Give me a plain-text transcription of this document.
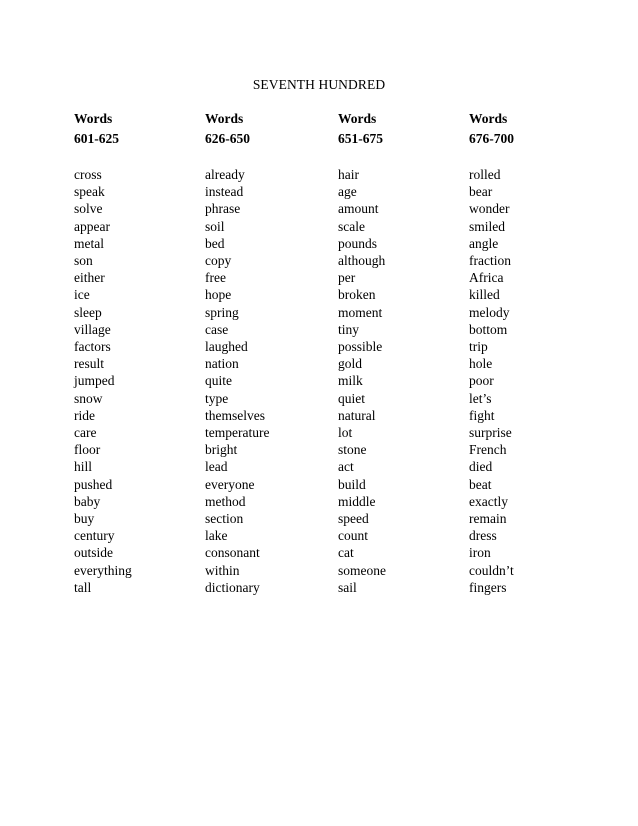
SEVENTH HUNDRED
Words
601-625
cross
speak
solve
appear
metal
son
either
ice
sleep
village
factors
result
jumped
snow
ride
care
floor
hill
pushed
baby
buy
century
outside
everything
tall
Words
626-650
already
instead
phrase
soil
bed
copy
free
hope
spring
case
laughed
nation
quite
type
themselves
temperature
bright
lead
everyone
method
section
lake
consonant
within
dictionary
Words
651-675
hair
age
amount
scale
pounds
although
per
broken
moment
tiny
possible
gold
milk
quiet
natural
lot
stone
act
build
middle
speed
count
cat
someone
sail
Words
676-700
rolled
bear
wonder
smiled
angle
fraction
Africa
killed
melody
bottom
trip
hole
poor
let’s
fight
surprise
French
died
beat
exactly
remain
dress
iron
couldn’t
fingers
